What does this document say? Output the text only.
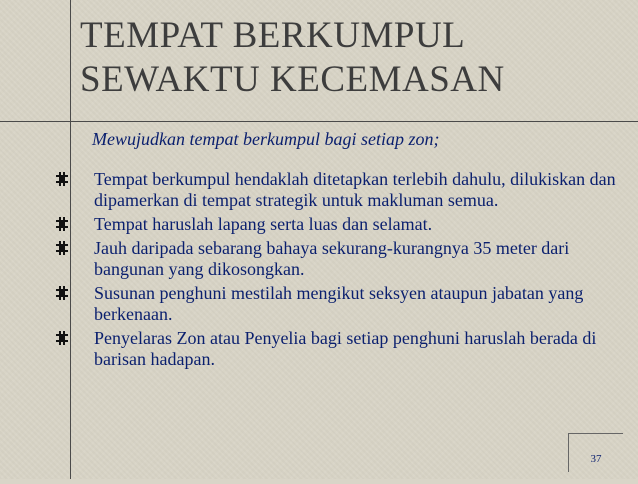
TEMPAT BERKUMPUL
SEWAKTU KECEMASAN
Mewujudkan tempat berkumpul bagi setiap zon;
Tempat berkumpul hendaklah ditetapkan terlebih dahulu, dilukiskan dan dipamerkan di tempat strategik untuk makluman semua.
Tempat haruslah lapang serta luas dan selamat.
Jauh daripada sebarang bahaya sekurang-kurangnya 35 meter dari bangunan yang dikosongkan.
Susunan penghuni mestilah mengikut seksyen ataupun jabatan yang berkenaan.
Penyelaras Zon atau Penyelia bagi setiap penghuni haruslah berada di barisan hadapan.
37
